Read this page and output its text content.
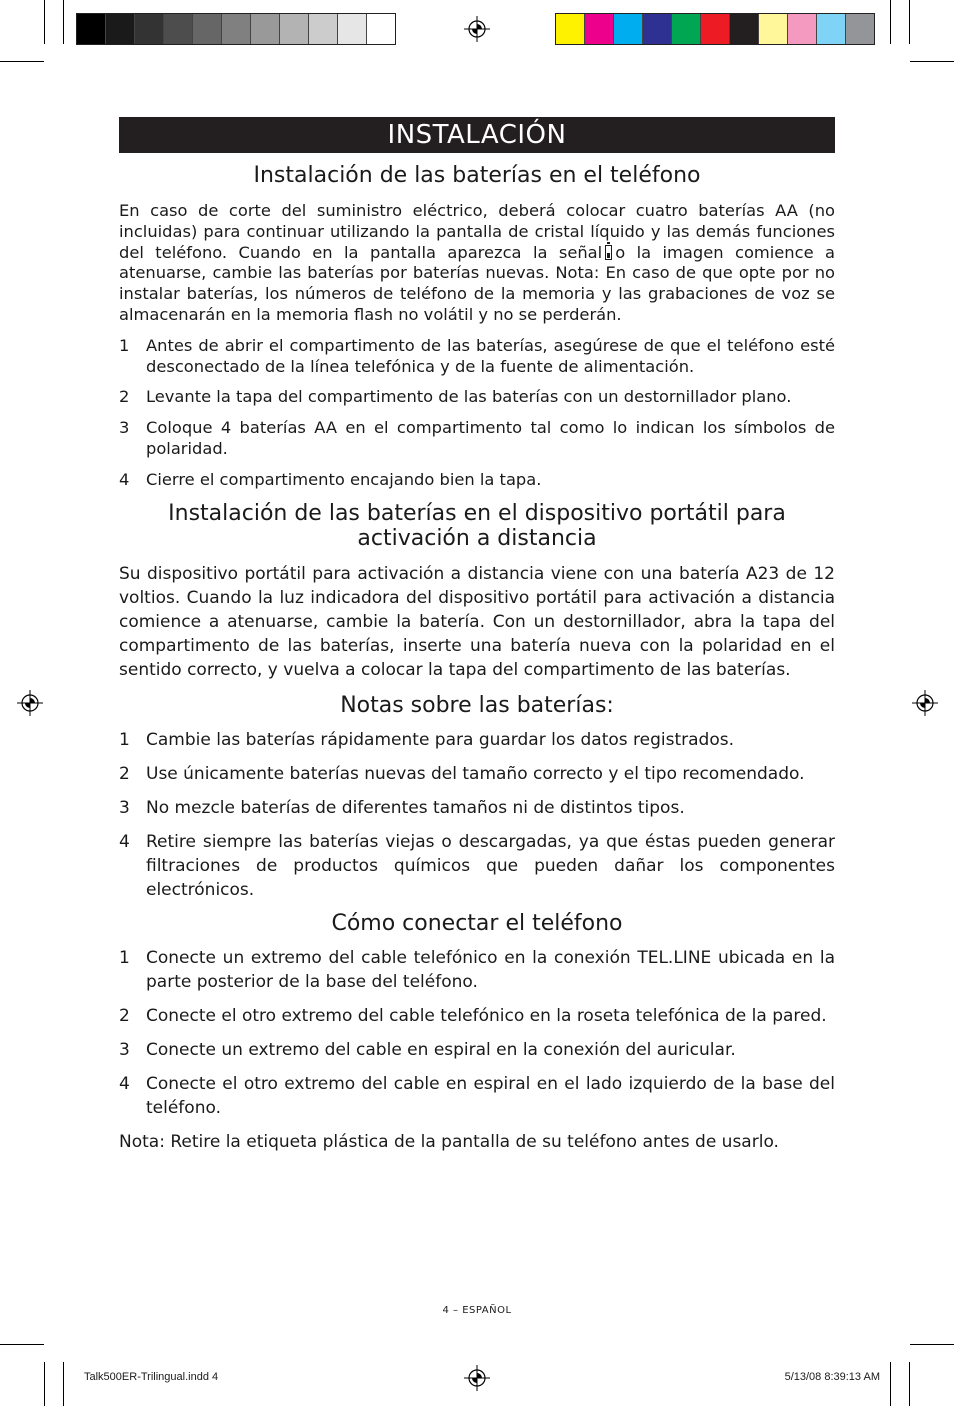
INSTALACIÓN
Instalación de las baterías en el teléfono

En caso de corte del suministro eléctrico, deberá colocar cuatro baterías AA (no incluidas) para continuar utilizando la pantalla de cristal líquido y las demás funciones del teléfono. Cuando en la pantalla aparezca la señal o la imagen comience a atenuarse, cambie las baterías por baterías nuevas. Nota: En caso de que opte por no instalar baterías, los números de teléfono de la memoria y las grabaciones de voz se almacenarán en la memoria flash no volátil y no se perderán.

1 Antes de abrir el compartimento de las baterías, asegúrese de que el teléfono esté desconectado de la línea telefónica y de la fuente de alimentación.
2 Levante la tapa del compartimento de las baterías con un destornillador plano.
3 Coloque 4 baterías AA en el compartimento tal como lo indican los símbolos de polaridad.
4 Cierre el compartimento encajando bien la tapa.
Instalación de las baterías en el dispositivo portátil para
activación a distancia

Su dispositivo portátil para activación a distancia viene con una batería A23 de 12 voltios. Cuando la luz indicadora del dispositivo portátil para activación a distancia comience a atenuarse, cambie la batería. Con un destornillador, abra la tapa del compartimento de las baterías, inserte una batería nueva con la polaridad en el sentido correcto, y vuelva a colocar la tapa del compartimento de las baterías.

Notas sobre las baterías:
1 Cambie las baterías rápidamente para guardar los datos registrados.
2 Use únicamente baterías nuevas del tamaño correcto y el tipo recomendado.
3 No mezcle baterías de diferentes tamaños ni de distintos tipos.
4 Retire siempre las baterías viejas o descargadas, ya que éstas pueden generar filtraciones de productos químicos que pueden dañar los componentes electrónicos.
Cómo conectar el teléfono
1 Conecte un extremo del cable telefónico en la conexión TEL.LINE ubicada en la parte posterior de la base del teléfono.
2 Conecte el otro extremo del cable telefónico en la roseta telefónica de la pared.
3 Conecte un extremo del cable en espiral en la conexión del auricular.
4 Conecte el otro extremo del cable en espiral en el lado izquierdo de la base del teléfono.

Nota: Retire la etiqueta plástica de la pantalla de su teléfono antes de usarlo.

4 – ESPAÑOL
Talk500ER-Trilingual.indd 4	5/13/08 8:39:13 AM
